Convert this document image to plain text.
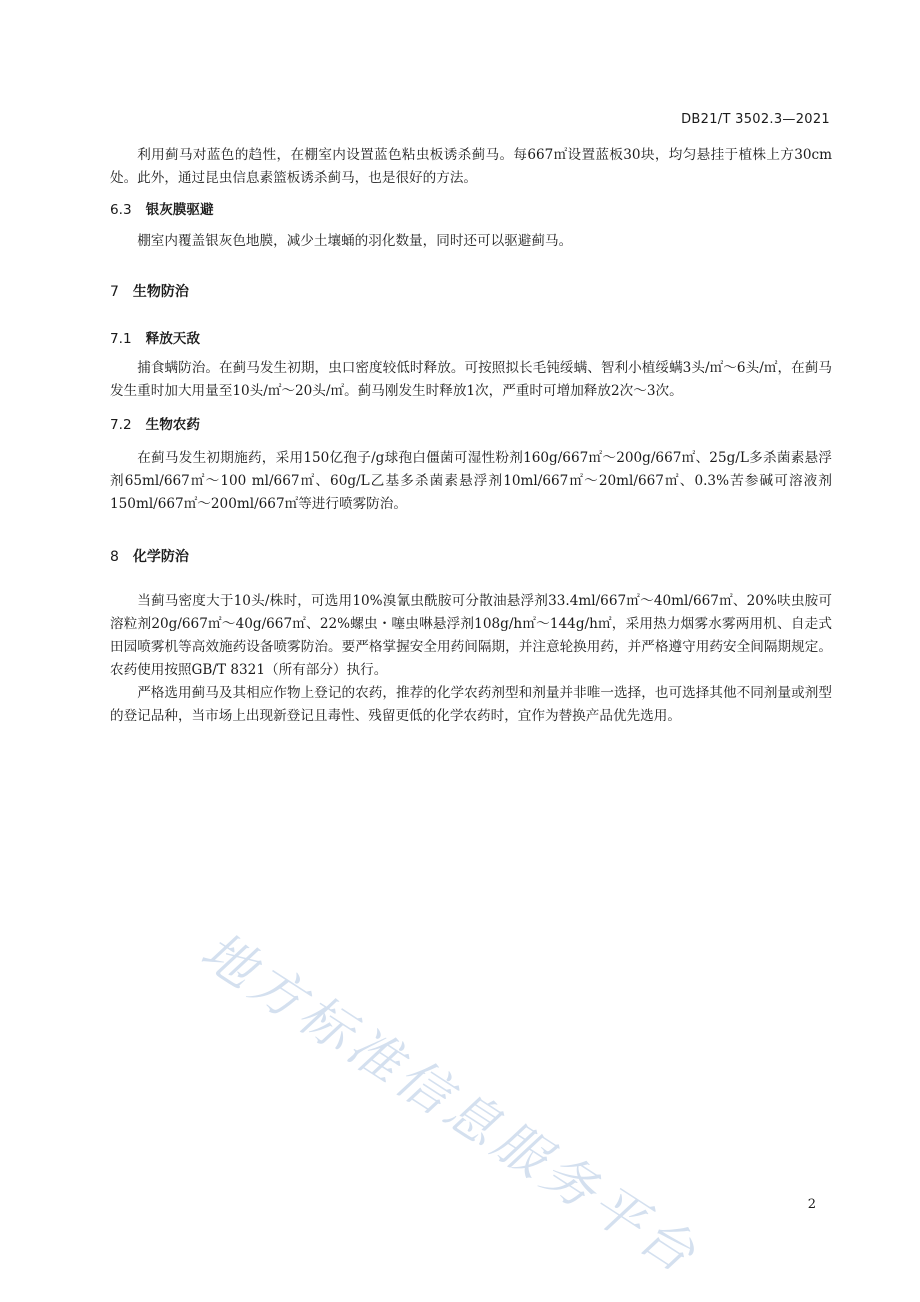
DB21/T 3502.3—2021

利用蓟马对蓝色的趋性，在棚室内设置蓝色粘虫板诱杀蓟马。每667㎡设置蓝板30块，均匀悬挂于植株上方30cm处。此外，通过昆虫信息素篮板诱杀蓟马，也是很好的方法。

6.3 银灰膜驱避

棚室内覆盖银灰色地膜，减少土壤蛹的羽化数量，同时还可以驱避蓟马。

7 生物防治
7.1 释放天敌

捕食螨防治。在蓟马发生初期，虫口密度较低时释放。可按照拟长毛钝绥螨、智利小植绥螨3头/㎡～6头/㎡，在蓟马发生重时加大用量至10头/㎡～20头/㎡。蓟马刚发生时释放1次，严重时可增加释放2次～3次。

7.2 生物农药

在蓟马发生初期施药，采用150亿孢子/g球孢白僵菌可湿性粉剂160g/667㎡～200g/667㎡、25g/L多杀菌素悬浮剂65ml/667㎡～100 ml/667㎡、60g/L乙基多杀菌素悬浮剂10ml/667㎡～20ml/667㎡、0.3%苦参碱可溶液剂150ml/667㎡～200ml/667㎡等进行喷雾防治。

8 化学防治

当蓟马密度大于10头/株时，可选用10%溴氰虫酰胺可分散油悬浮剂33.4ml/667㎡～40ml/667㎡、20%呋虫胺可溶粒剂20g/667㎡～40g/667㎡、22%螺虫・噻虫啉悬浮剂108g/h㎡～144g/h㎡，采用热力烟雾水雾两用机、自走式田园喷雾机等高效施药设备喷雾防治。要严格掌握安全用药间隔期，并注意轮换用药，并严格遵守用药安全间隔期规定。农药使用按照GB/T 8321（所有部分）执行。

严格选用蓟马及其相应作物上登记的农药，推荐的化学农药剂型和剂量并非唯一选择，也可选择其他不同剂量或剂型的登记品种，当市场上出现新登记且毒性、残留更低的化学农药时，宜作为替换产品优先选用。

地方标准信息服务平台	2
